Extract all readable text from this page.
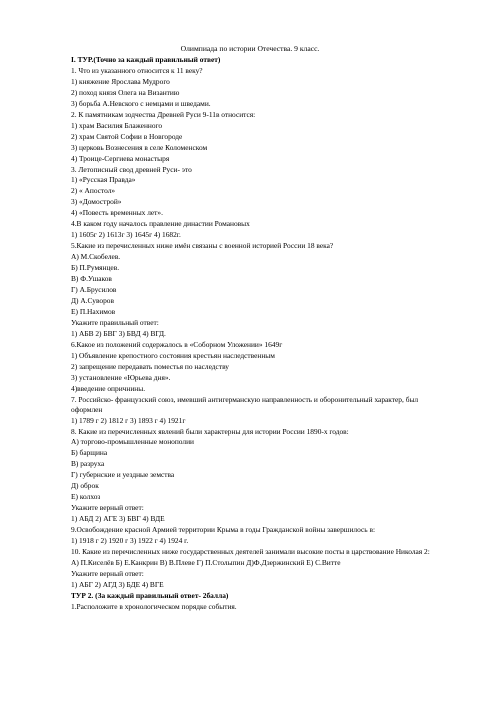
Олимпиада по истории Отечества. 9 класс.
I. ТУР.(Точно за каждый правильный ответ)
1. Что из указанного относится к 11 веку?
1) княжение Ярослава Мудрого
2) поход князя Олега на Византию
3) борьба А.Невского с немцами и шведами.
2. К памятникам зодчества Древней Руси 9-11в относится:
1) храм Василия Блаженного
2) храм Святой Софии в Новгороде
3) церковь Вознесения в селе Коломенском
4) Троице-Сергиева монастыря
3. Летописный свод древней Руси- это
1) «Русская Правда»
2) « Апостол»
3) «Домострой»
4) «Повесть временных лет».
4.В каком году началось правление династии Романовых
1) 1605г 2) 1613г 3) 1645г 4) 1682г.
5.Какие из перечисленных ниже имён связаны с военной историей России 18 века?
А) М.Скобелев.
Б) П.Румянцев.
В) Ф.Ушаков
Г) А.Брусилов
Д) А.Суворов
Е) П.Нахимов
Укажите правильный ответ:
1) АБВ 2) БВГ 3) БВД 4) ВГД.
6.Какое из положений содержалось в «Соборном Уложении» 1649г
1) Объявление крепостного состояния крестьян наследственным
2) запрещение передавать поместья по наследству
3) установление «Юрьева дня».
4)введение опричнины.
7. Российско- французский союз, имевший антигерманскую направленность и оборонительный характер, был оформлен
1) 1789 г 2) 1812 г 3) 1893 г 4) 1921г
8. Какие из перечисленных явлений были характерны для истории России 1890-х годов:
А) торгово-промышленные монополии
Б) барщина
В) разруха
Г) губернские и уездные земства
Д) оброк
Е) колхоз
Укажите верный ответ:
1) АБД 2) АГЕ 3) БВГ 4) ВДЕ
9.Освобождение красной Армией территории Крыма в годы Гражданской войны завершилось в:
1) 1918 г 2) 1920 г 3) 1922 г 4) 1924 г.
10. Какие из перечисленных ниже государственных деятелей занимали высокие посты в царствование Николая 2:
А) П.Киселёв Б) Е.Канкрин В) В.Плеве Г) П.Столыпин Д)Ф.Дзержинский Е) С.Витте
Укажите верный ответ:
1) АБГ 2) АГД 3) БДЕ 4) ВГЕ
ТУР 2. (За каждый правильный ответ- 2балла)
1.Расположите в хронологическом порядке события.
